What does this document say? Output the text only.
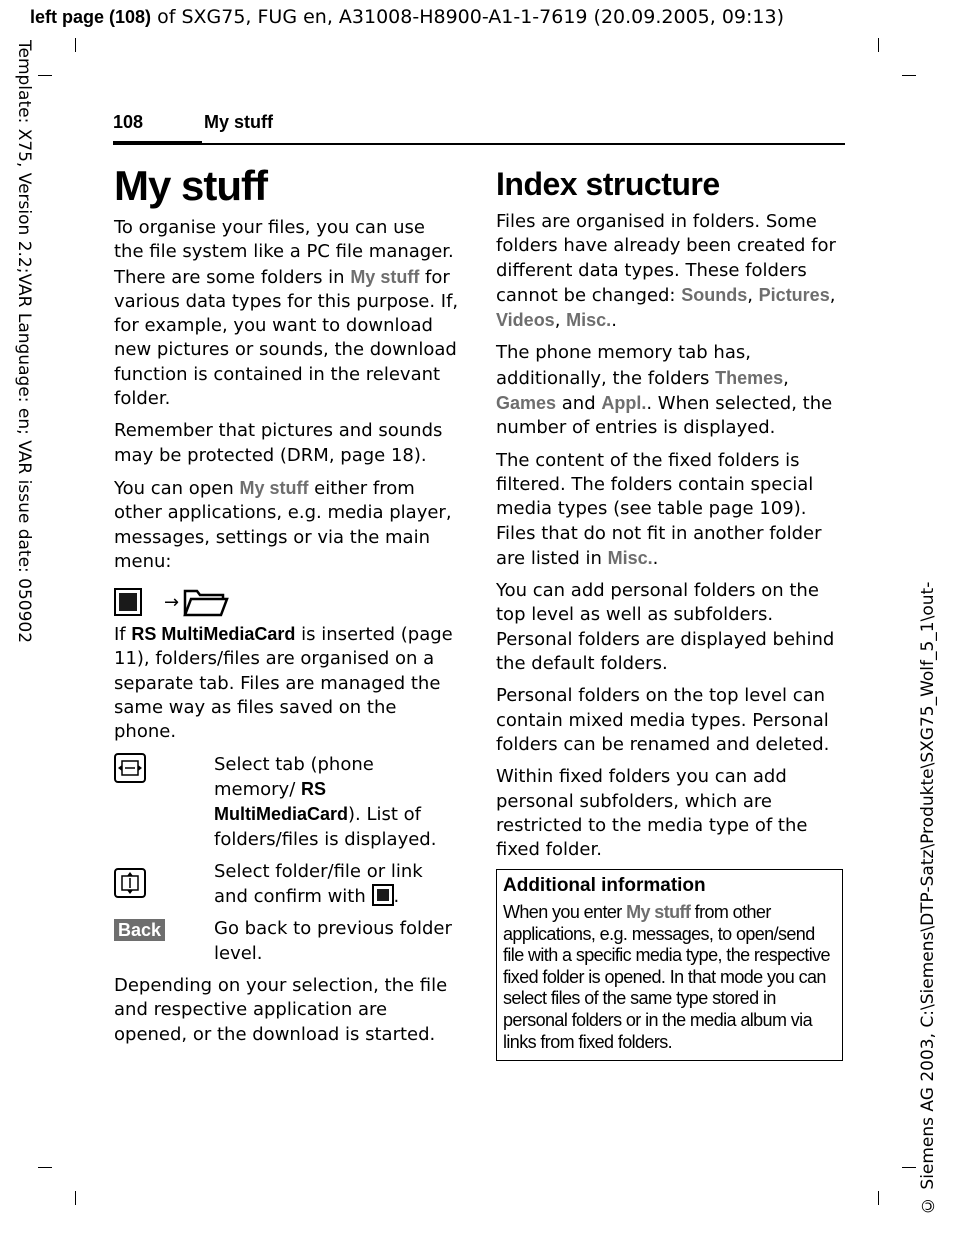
left page (108) of SXG75, FUG en, A31008-H8900-A1-1-7619 (20.09.2005, 09:13)
Template: X75, Version 2.2;VAR Language: en; VAR issue date: 050902
© Siemens AG 2003, C:\Siemens\DTP-Satz\Produkte\SXG75_Wolf_5_1\out-
108	My stuff
My stuff

To organise your files, you can use the file system like a PC file manager. There are some folders in My stuff for various data types for this purpose. If, for example, you want to download new pictures or sounds, the download function is contained in the relevant folder.

Remember that pictures and sounds may be protected (DRM, page 18).

You can open My stuff either from other applications, e.g. media player, messages, settings or via the main menu:

→

If RS MultiMediaCard is inserted (page 11), folders/files are organised on a separate tab. Files are managed the same way as files saved on the phone.

Select tab (phone memory/ RS MultiMediaCard). List of folders/files is displayed.
Select folder/file or link and confirm with .
Back	Go back to previous folder level.

Depending on your selection, the file and respective application are opened, or the download is started.

Index structure

Files are organised in folders. Some folders have already been created for different data types. These folders cannot be changed: Sounds, Pictures, Videos, Misc..

The phone memory tab has, additionally, the folders Themes, Games and Appl.. When selected, the number of entries is displayed.

The content of the fixed folders is filtered. The folders contain special media types (see table page 109). Files that do not fit in another folder are listed in Misc..

You can add personal folders on the top level as well as subfolders. Personal folders are displayed behind the default folders.

Personal folders on the top level can contain mixed media types. Personal folders can be renamed and deleted.

Within fixed folders you can add personal subfolders, which are restricted to the media type of the fixed folder.

Additional information
When you enter My stuff from other applications, e.g. messages, to open/send file with a specific media type, the respective fixed folder is opened. In that mode you can select files of the same type stored in personal folders or in the media album via links from fixed folders.
